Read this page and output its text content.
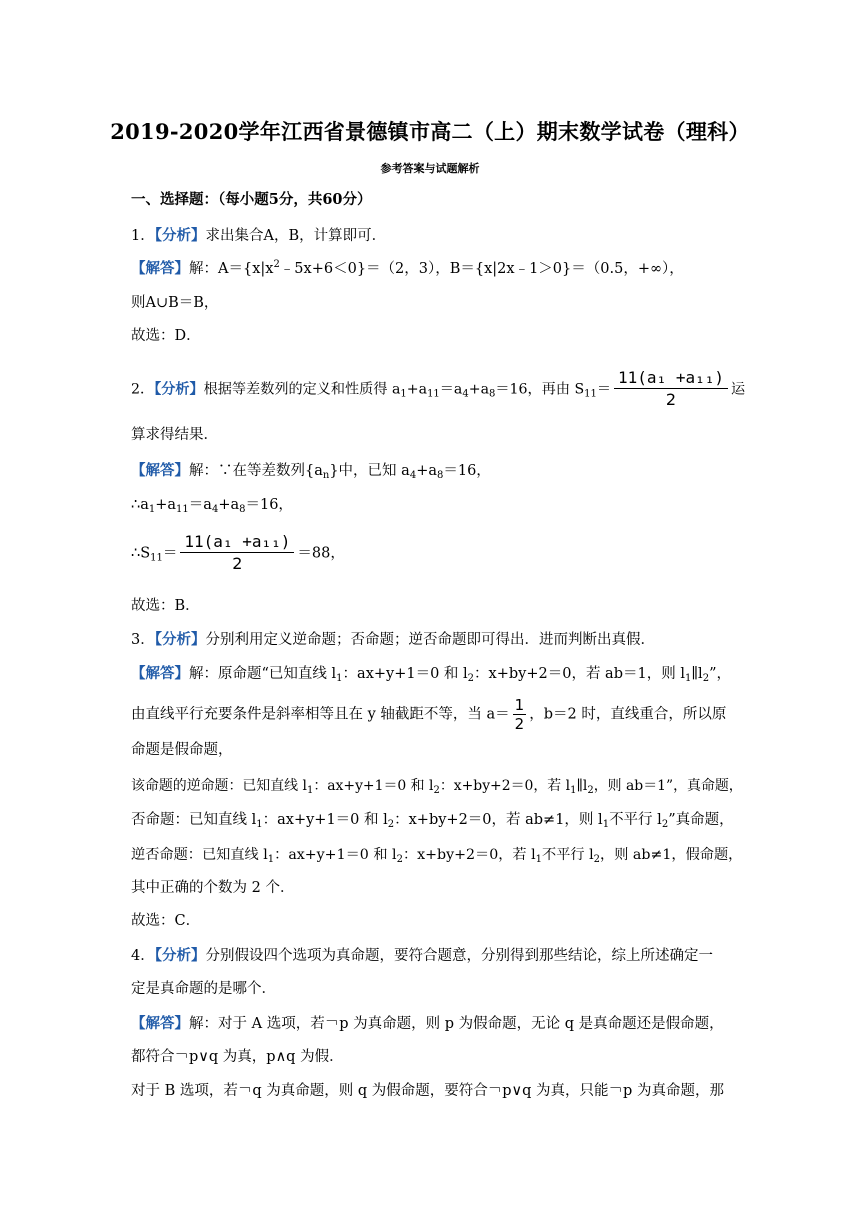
2019-2020学年江西省景德镇市高二（上）期末数学试卷（理科）
参考答案与试题解析
一、选择题：（每小题5分，共60分）
1．【分析】求出集合A，B，计算即可．
【解答】解：$A=\{x|x^2﹣5x+6<0\}=(2$，3），B＝{x|2x﹣1＞0}＝（0.5，+∞），
则A∪B＝B，
故选：D．
2．【分析】根据等差数列的定义和性质得 $a_1+a_{11}=a_4+a_8=16$，再由 $S_{11}= \frac{\text{11(a₁ +a₁₁)}}{2}$ 运
算求得结果．
【解答】解：∵在等差数列$\{a_n\}$中，已知 $a_4+a_8=16$，
$\therefore a_1+a_{11}=a_4+a_8=16$，
$\therefore S_{11}= \frac{\text{11(a₁ +a₁₁)}}{2} =88$，
故选：B．
3．【分析】分别利用定义逆命题；否命题；逆否命题即可得出．进而判断出真假．
【解答】解：原命题“已知直线 $l_1$：ax+y+1＝0 和 $l_2$：x+by+2＝0，若 ab＝1，则 $l_1\parallel l_2$”，
由直线平行充要条件是斜率相等且在 y 轴截距不等，当 $a= \frac{1}{2}$ ，b＝2 时，直线重合，所以原
命题是假命题，
该命题的逆命题：已知直线 $l_1$：ax+y+1＝0 和 $l_2$：x+by+2＝0，若 $l_1\parallel l_2$，则 ab＝1”，真命题，
否命题：已知直线 $l_1$：ax+y+1＝0 和 $l_2$：x+by+2＝0，若 ab≠1，则 $l_1$不平行 $l_2$”真命题，
逆否命题：已知直线 $l_1$：ax+y+1＝0 和 $l_2$：x+by+2＝0，若 $l_1$不平行 $l_2$，则 ab≠1，假命题，
其中正确的个数为 2 个．
故选：C．
4．【分析】分别假设四个选项为真命题，要符合题意，分别得到那些结论，综上所述确定一
定是真命题的是哪个．
【解答】解：对于 A 选项，若￢p 为真命题，则 p 为假命题，无论 q 是真命题还是假命题，
都符合￢p∨q 为真，p∧q 为假．
对于 B 选项，若￢q 为真命题，则 q 为假命题，要符合￢p∨q 为真，只能￢p 为真命题，那
